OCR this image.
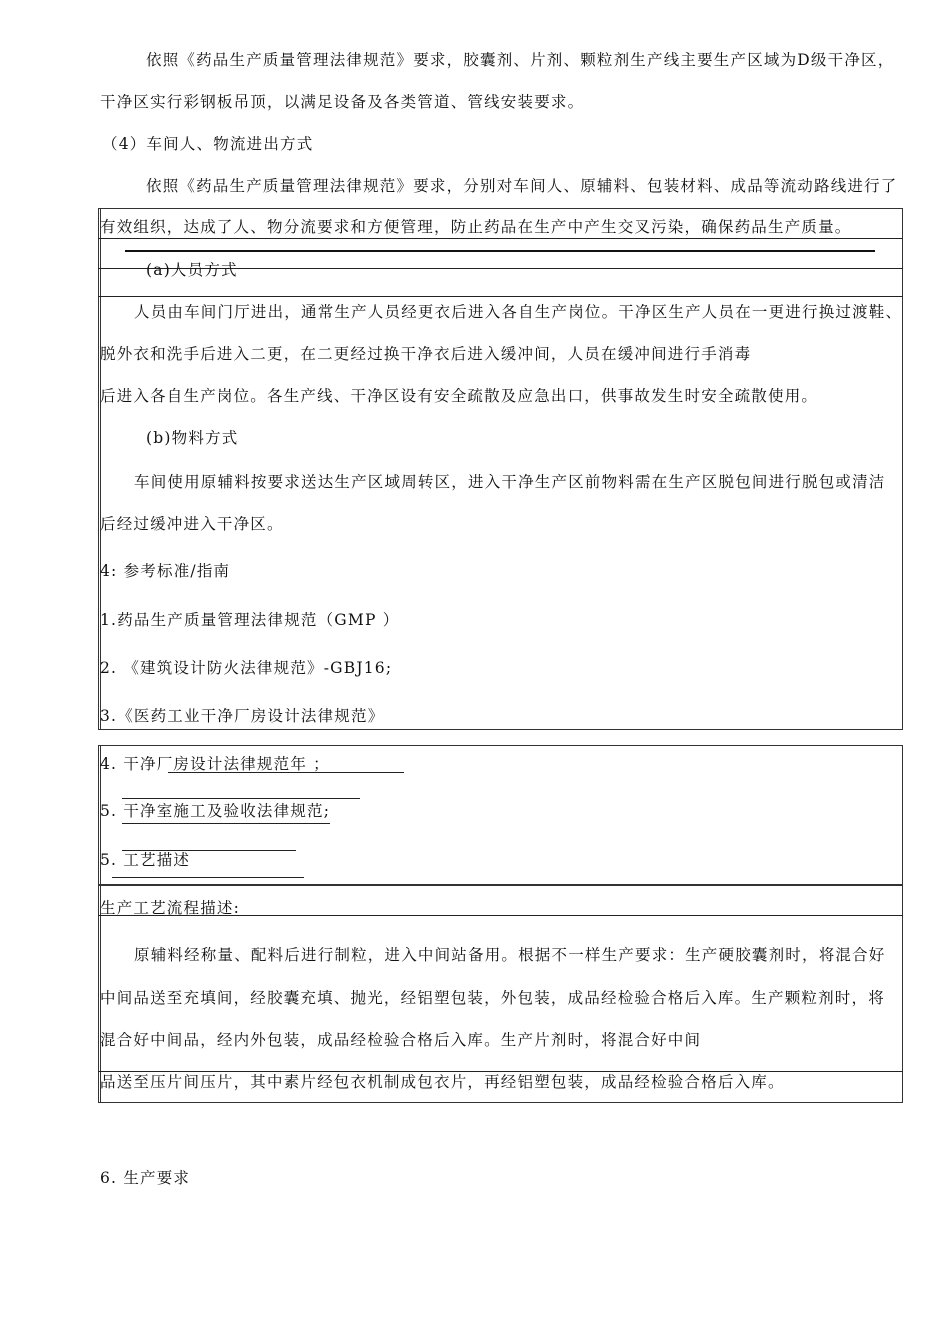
依照《药品生产质量管理法律规范》要求，胶囊剂、片剂、颗粒剂生产线主要生产区域为D级干净区，
干净区实行彩钢板吊顶，以满足设备及各类管道、管线安装要求。
（4）车间人、物流进出方式
依照《药品生产质量管理法律规范》要求，分别对车间人、原辅料、包装材料、成品等流动路线进行了
有效组织，达成了人、物分流要求和方便管理，防止药品在生产中产生交叉污染，确保药品生产质量。
(a)人员方式
人员由车间门厅进出，通常生产人员经更衣后进入各自生产岗位。干净区生产人员在一更进行换过渡鞋、
脱外衣和洗手后进入二更，在二更经过换干净衣后进入缓冲间，人员在缓冲间进行手消毒
后进入各自生产岗位。各生产线、干净区设有安全疏散及应急出口，供事故发生时安全疏散使用。
(b)物料方式
车间使用原辅料按要求送达生产区域周转区，进入干净生产区前物料需在生产区脱包间进行脱包或清洁
后经过缓冲进入干净区。
4: 参考标准/指南
1.药品生产质量管理法律规范（GMP ）
2. 《建筑设计防火法律规范》-GBJ16;
3.《医药工业干净厂房设计法律规范》
4. 干净厂房设计法律规范年 ；
5. 干净室施工及验收法律规范;
5. 工艺描述
生产工艺流程描述:
原辅料经称量、配料后进行制粒，进入中间站备用。根据不一样生产要求：生产硬胶囊剂时，将混合好
中间品送至充填间，经胶囊充填、抛光，经铝塑包装，外包装，成品经检验合格后入库。生产颗粒剂时，将
混合好中间品，经内外包装，成品经检验合格后入库。生产片剂时，将混合好中间
品送至压片间压片，其中素片经包衣机制成包衣片，再经铝塑包装，成品经检验合格后入库。
6. 生产要求
